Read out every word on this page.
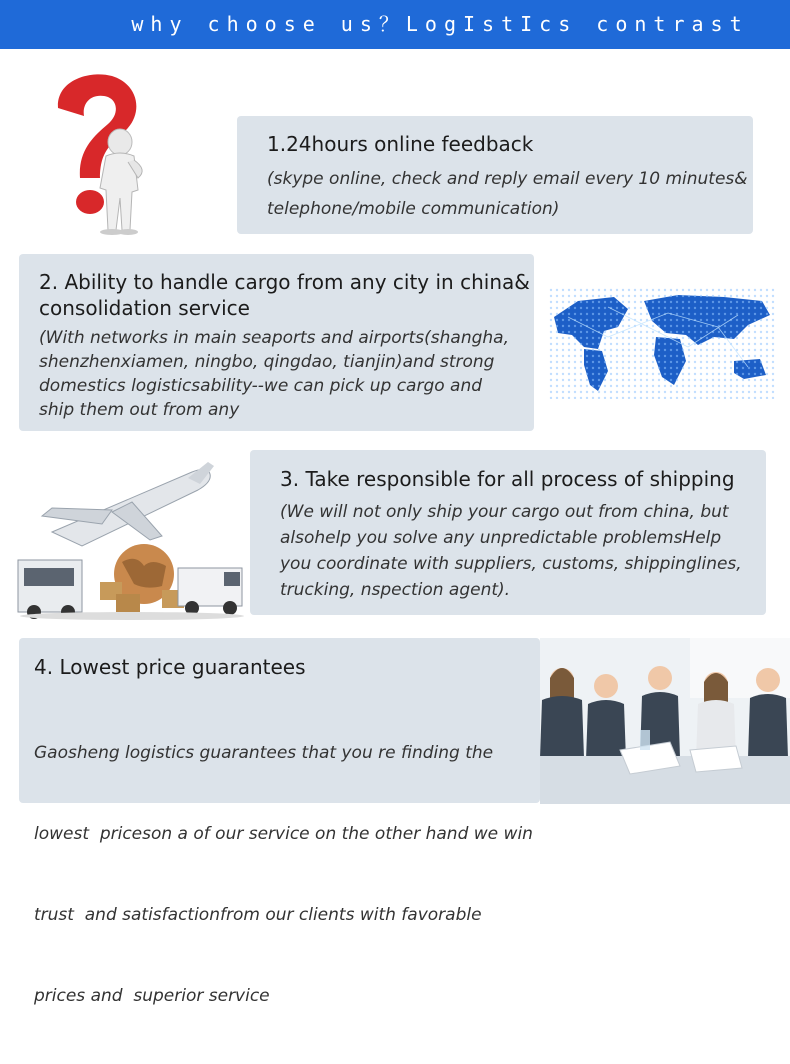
why choose us？LogIstIcs contrast
1.24hours online feedback
(skype online, check and reply email every 10 minutes&
telephone/mobile communication)
2. Ability to handle cargo from any city in china&
consolidation service
(With networks in main seaports and airports(shangha,
shenzhenxiamen, ningbo, qingdao, tianjin)and strong
domestics logisticsability--we can pick up cargo and
ship them out from any
3. Take responsible for all process of shipping
(We will not only ship your cargo out from china, but
alsohelp you solve any unpredictable problemsHelp
you coordinate with suppliers, customs, shippinglines,
trucking, nspection agent).
4. Lowest price guarantees

Gaosheng logistics guarantees that you re finding the

lowest  priceson a of our service on the other hand we win

trust  and satisfactionfrom our clients with favorable

prices and  superior service
